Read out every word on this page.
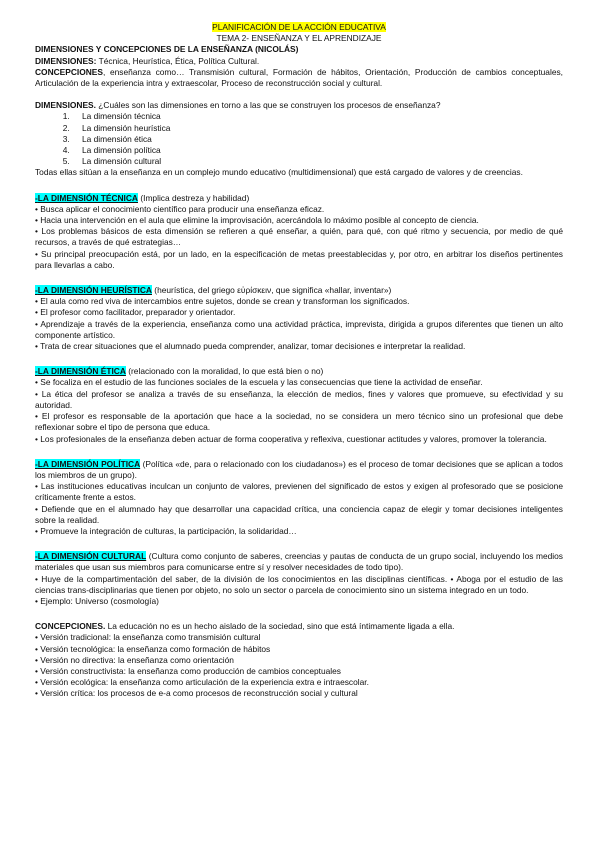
PLANIFICACIÓN DE LA ACCIÓN EDUCATIVA

TEMA 2- ENSEÑANZA Y EL APRENDIZAJE

DIMENSIONES Y CONCEPCIONES DE LA ENSEÑANZA (NICOLÁS)

DIMENSIONES: Técnica, Heurística, Ética, Política Cultural.

CONCEPCIONES, enseñanza como… Transmisión cultural, Formación de hábitos, Orientación, Producción de cambios conceptuales, Articulación de la experiencia intra y extraescolar, Proceso de reconstrucción social y cultural.

DIMENSIONES. ¿Cuáles son las dimensiones en torno a las que se construyen los procesos de enseñanza?

1. La dimensión técnica
2. La dimensión heurística
3. La dimensión ética
4. La dimensión política
5. La dimensión cultural

Todas ellas sitúan a la enseñanza en un complejo mundo educativo (multidimensional) que está cargado de valores y de creencias.

-LA DIMENSIÓN TÉCNICA (Implica destreza y habilidad)

• Busca aplicar el conocimiento científico para producir una enseñanza eficaz.

• Hacia una intervención en el aula que elimine la improvisación, acercándola lo máximo posible al concepto de ciencia.

• Los problemas básicos de esta dimensión se refieren a qué enseñar, a quién, para qué, con qué ritmo y secuencia, por medio de qué recursos, a través de qué estrategias…

• Su principal preocupación está, por un lado, en la especificación de metas preestablecidas y, por otro, en arbitrar los diseños pertinentes para llevarlas a cabo.

-LA DIMENSIÓN HEURÍSTICA (heurística, del griego εὑρίσκειν, que significa «hallar, inventar»)

• El aula como red viva de intercambios entre sujetos, donde se crean y transforman los significados.

• El profesor como facilitador, preparador y orientador.

• Aprendizaje a través de la experiencia, enseñanza como una actividad práctica, imprevista, dirigida a grupos diferentes que tienen un alto componente artístico.

• Trata de crear situaciones que el alumnado pueda comprender, analizar, tomar decisiones e interpretar la realidad.

-LA DIMENSIÓN ÉTICA (relacionado con la moralidad, lo que está bien o no)

• Se focaliza en el estudio de las funciones sociales de la escuela y las consecuencias que tiene la actividad de enseñar.

• La ética del profesor se analiza a través de su enseñanza, la elección de medios, fines y valores que promueve, su efectividad y su autoridad.

• El profesor es responsable de la aportación que hace a la sociedad, no se considera un mero técnico sino un profesional que debe reflexionar sobre el tipo de persona que educa.

• Los profesionales de la enseñanza deben actuar de forma cooperativa y reflexiva, cuestionar actitudes y valores, promover la tolerancia.

-LA DIMENSIÓN POLÍTICA (Política «de, para o relacionado con los ciudadanos») es el proceso de tomar decisiones que se aplican a todos los miembros de un grupo).

• Las instituciones educativas inculcan un conjunto de valores, previenen del significado de estos y exigen al profesorado que se posicione críticamente frente a estos.

• Defiende que en el alumnado hay que desarrollar una capacidad crítica, una conciencia capaz de elegir y tomar decisiones inteligentes sobre la realidad.

• Promueve la integración de culturas, la participación, la solidaridad…

-LA DIMENSIÓN CULTURAL (Cultura como conjunto de saberes, creencias y pautas de conducta de un grupo social, incluyendo los medios materiales que usan sus miembros para comunicarse entre sí y resolver necesidades de todo tipo).

• Huye de la compartimentación del saber, de la división de los conocimientos en las disciplinas científicas. • Aboga por el estudio de las ciencias trans-disciplinarias que tienen por objeto, no solo un sector o parcela de conocimiento sino un sistema integrado en un todo.

• Ejemplo: Universo (cosmología)

CONCEPCIONES. La educación no es un hecho aislado de la sociedad, sino que está íntimamente ligada a ella.

• Versión tradicional: la enseñanza como transmisión cultural

• Versión tecnológica: la enseñanza como formación de hábitos

• Versión no directiva: la enseñanza como orientación

• Versión constructivista: la enseñanza como producción de cambios conceptuales

• Versión ecológica: la enseñanza como articulación de la experiencia extra e intraescolar.

• Versión crítica: los procesos de e-a como procesos de reconstrucción social y cultural
